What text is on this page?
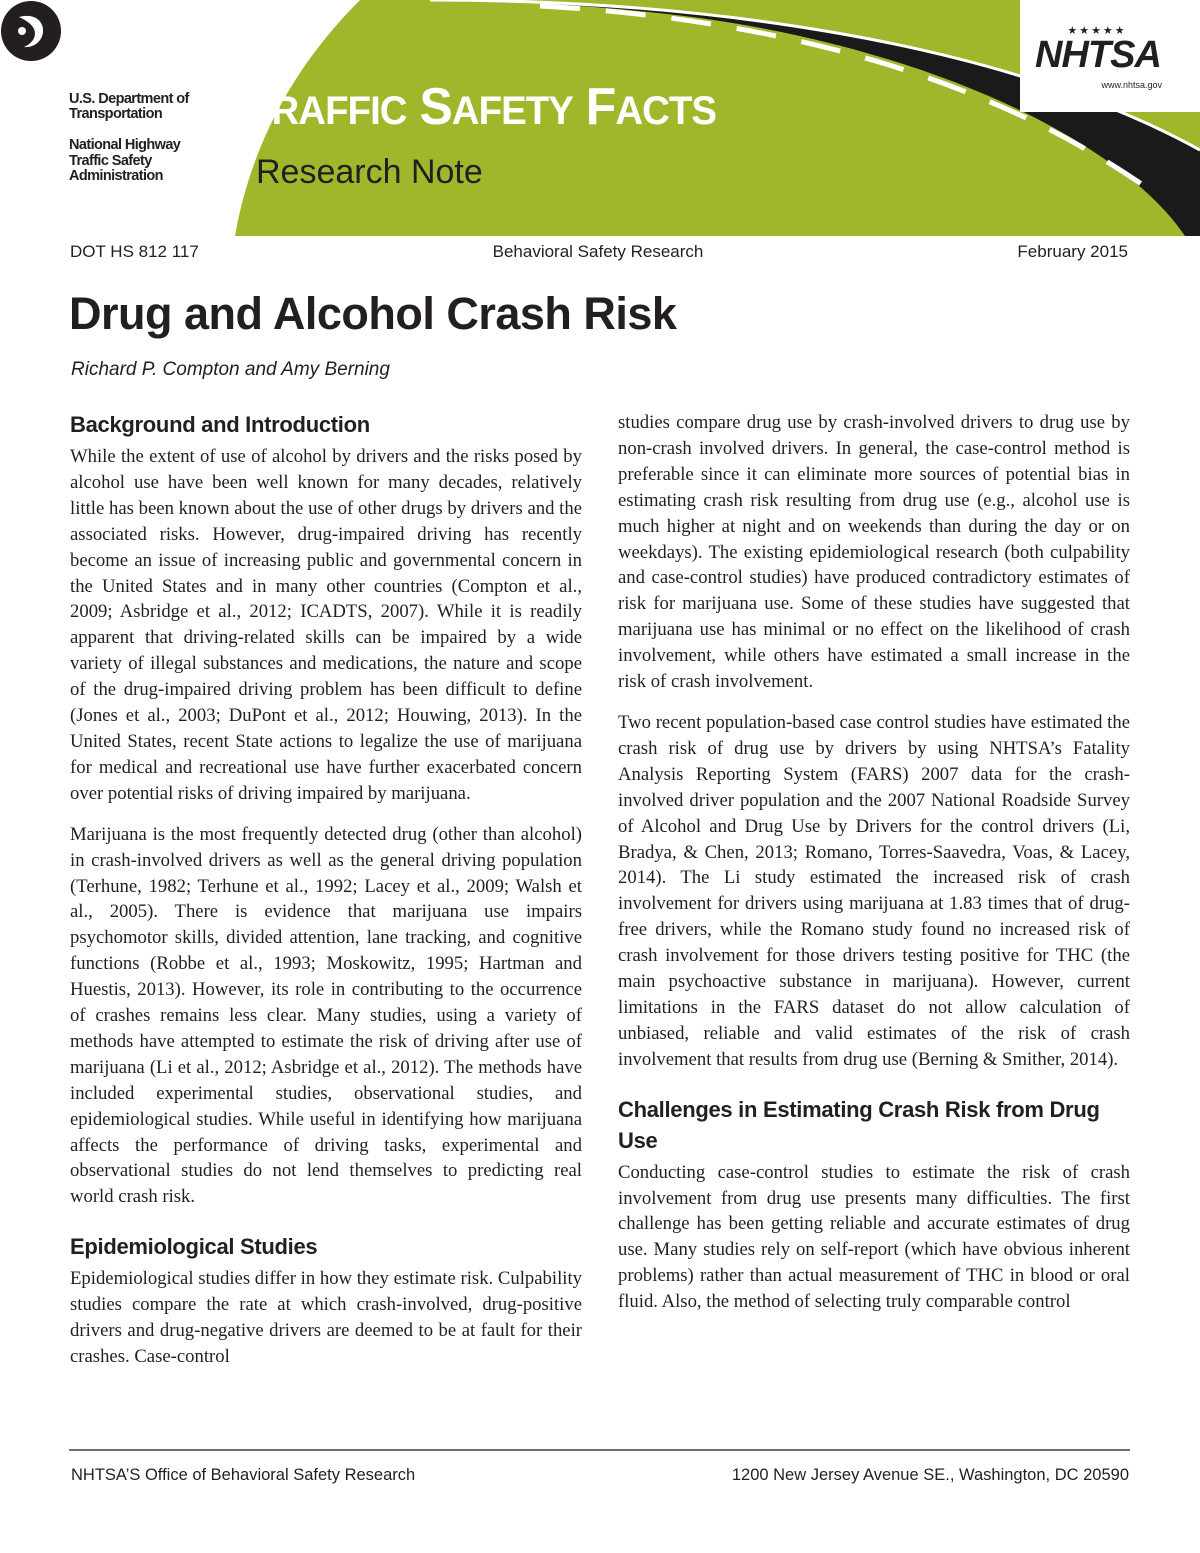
U.S. Department of Transportation
National Highway Traffic Safety Administration
TRAFFIC SAFETY FACTS
Research Note
★★★★★
NHTSA
www.nhtsa.gov
DOT HS 812 117	Behavioral Safety Research	February 2015
Drug and Alcohol Crash Risk
Richard P. Compton and Amy Berning
Background and Introduction

While the extent of use of alcohol by drivers and the risks posed by alcohol use have been well known for many decades, relatively little has been known about the use of other drugs by drivers and the associated risks. However, drug-impaired driving has recently become an issue of increasing public and governmental concern in the United States and in many other countries (Compton et al., 2009; Asbridge et al., 2012; ICADTS, 2007). While it is readily apparent that driving-related skills can be impaired by a wide variety of illegal substances and medications, the nature and scope of the drug-impaired driving problem has been difficult to define (Jones et al., 2003; DuPont et al., 2012; Houwing, 2013). In the United States, recent State actions to legalize the use of marijuana for medical and recreational use have further exacerbated concern over potential risks of driving impaired by marijuana.

Marijuana is the most frequently detected drug (other than alcohol) in crash-involved drivers as well as the general driving population (Terhune, 1982; Terhune et al., 1992; Lacey et al., 2009; Walsh et al., 2005). There is evidence that marijuana use impairs psychomotor skills, divided attention, lane tracking, and cognitive functions (Robbe et al., 1993; Moskowitz, 1995; Hartman and Huestis, 2013). However, its role in contributing to the occurrence of crashes remains less clear. Many studies, using a variety of methods have attempted to estimate the risk of driving after use of marijuana (Li et al., 2012; Asbridge et al., 2012). The methods have included experimental studies, observational studies, and epidemiological studies. While useful in identifying how marijuana affects the performance of driving tasks, experimental and observational studies do not lend themselves to predicting real world crash risk.

Epidemiological Studies

Epidemiological studies differ in how they estimate risk. Culpability studies compare the rate at which crash-involved, drug-positive drivers and drug-negative drivers are deemed to be at fault for their crashes. Case-control

studies compare drug use by crash-involved drivers to drug use by non-crash involved drivers. In general, the case-control method is preferable since it can eliminate more sources of potential bias in estimating crash risk resulting from drug use (e.g., alcohol use is much higher at night and on weekends than during the day or on weekdays). The existing epidemiological research (both culpability and case-control studies) have produced contradictory estimates of risk for marijuana use. Some of these studies have suggested that marijuana use has minimal or no effect on the likelihood of crash involvement, while others have estimated a small increase in the risk of crash involvement.

Two recent population-based case control studies have estimated the crash risk of drug use by drivers by using NHTSA’s Fatality Analysis Reporting System (FARS) 2007 data for the crash-involved driver population and the 2007 National Roadside Survey of Alcohol and Drug Use by Drivers for the control drivers (Li, Bradya, & Chen, 2013; Romano, Torres-Saavedra, Voas, & Lacey, 2014). The Li study estimated the increased risk of crash involvement for drivers using marijuana at 1.83 times that of drug-free drivers, while the Romano study found no increased risk of crash involvement for those drivers testing positive for THC (the main psychoactive substance in marijuana). However, current limitations in the FARS dataset do not allow calculation of unbiased, reliable and valid estimates of the risk of crash involvement that results from drug use (Berning & Smither, 2014).

Challenges in Estimating Crash Risk from Drug Use

Conducting case-control studies to estimate the risk of crash involvement from drug use presents many difficulties. The first challenge has been getting reliable and accurate estimates of drug use. Many studies rely on self-report (which have obvious inherent problems) rather than actual measurement of THC in blood or oral fluid. Also, the method of selecting truly comparable control

NHTSA’S Office of Behavioral Safety Research	1200 New Jersey Avenue SE., Washington, DC 20590
